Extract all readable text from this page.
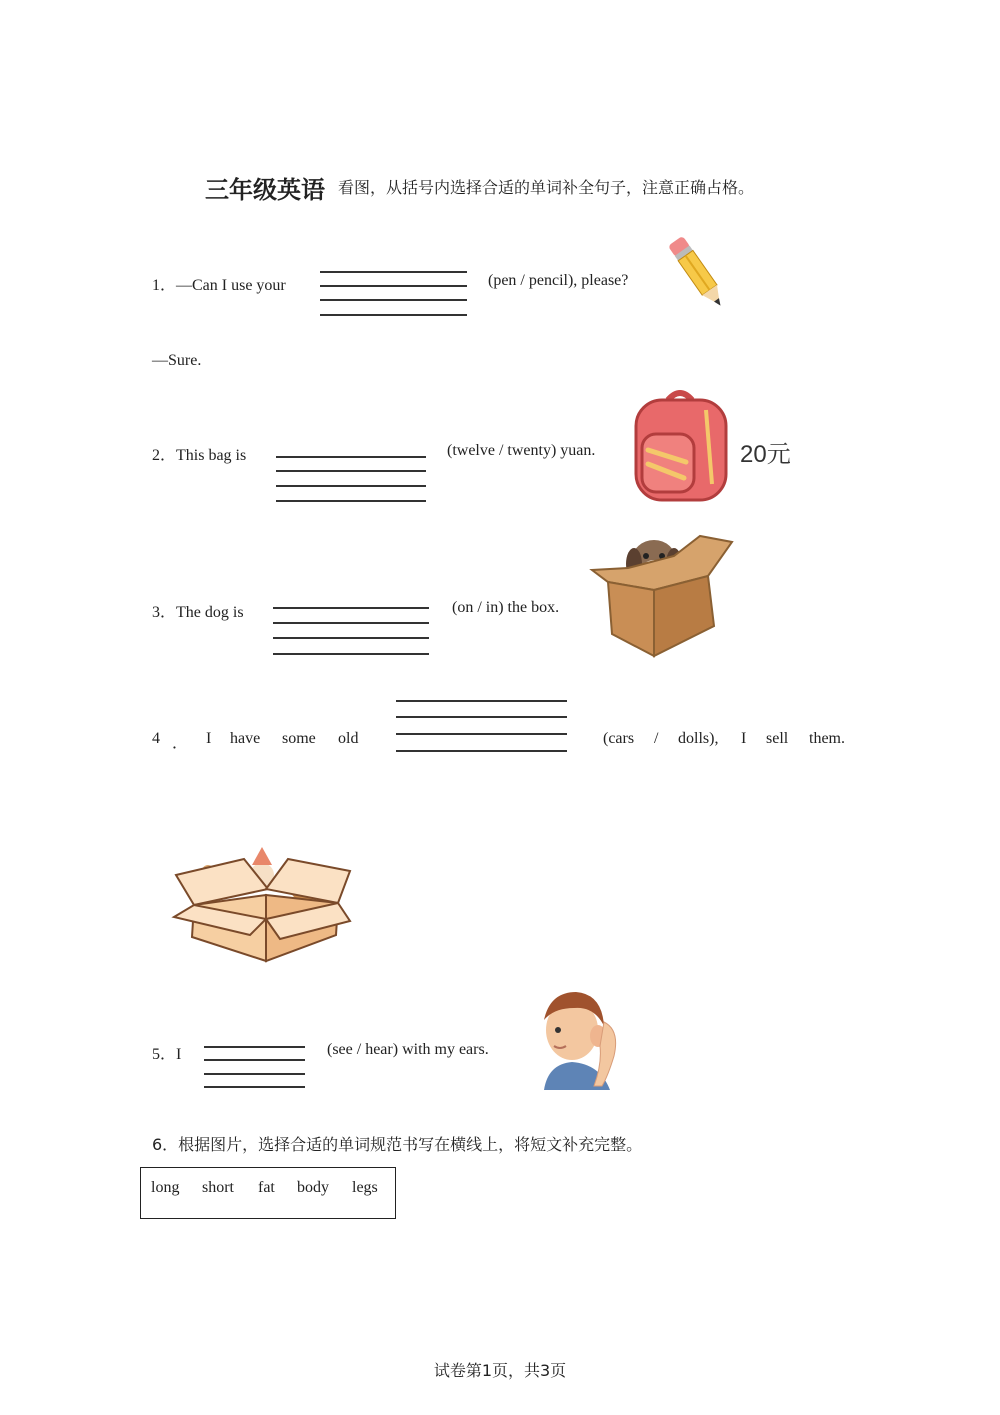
三年级英语 看图，从括号内选择合适的单词补全句子，注意正确占格。
1．—Can I use your	(pen / pencil), please?
—Sure.
2．This bag is	(twelve / twenty) yuan.	20元
3．The dog is	(on / in) the box.
4 ． I have some old	(cars / dolls), I sell them.
5．I	(see / hear) with my ears.
6．根据图片，选择合适的单词规范书写在横线上，将短文补充完整。
long short fat body legs
试卷第1页，共3页
